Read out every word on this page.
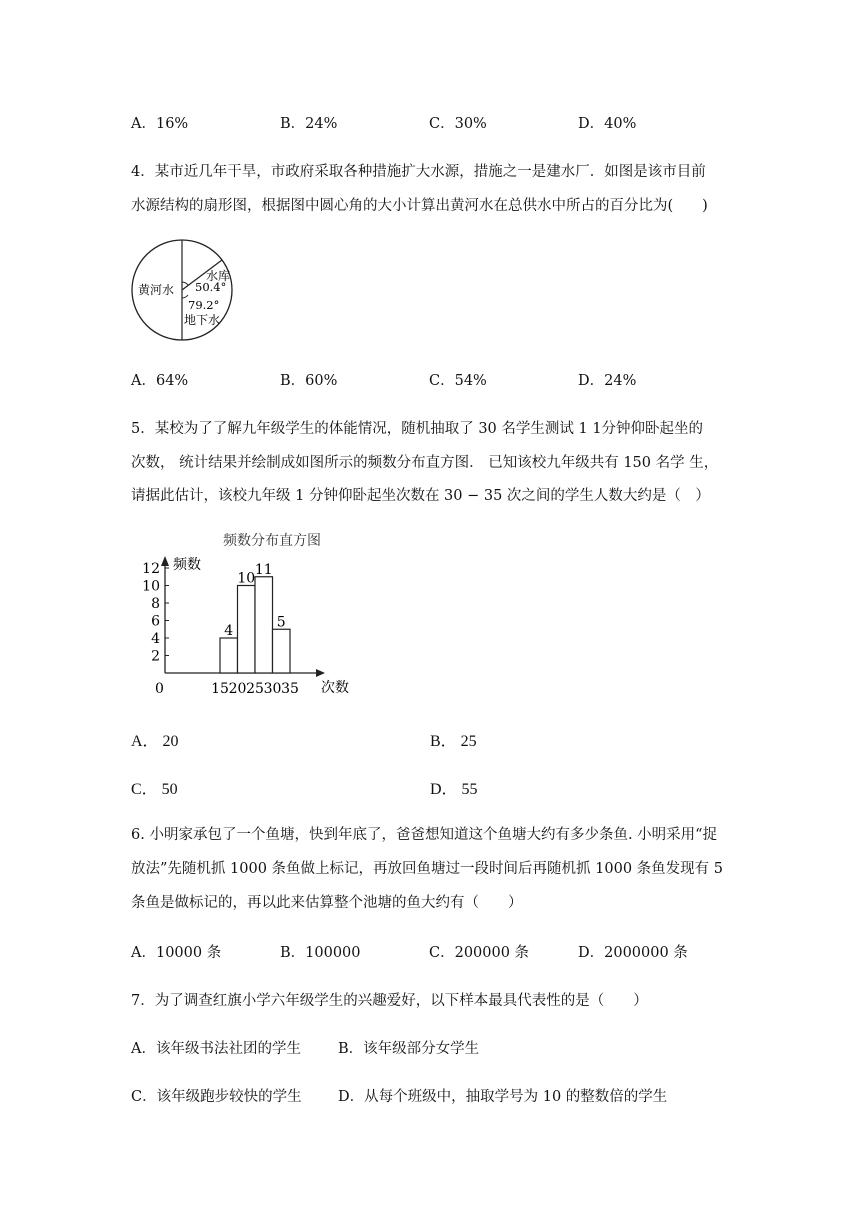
A．16%	B．24%	C．30%	D．40%
4．某市近几年干旱，市政府采取各种措施扩大水源，措施之一是建水厂．如图是该市目前
水源结构的扇形图，根据图中圆心角的大小计算出黄河水在总供水中所占的百分比为(　　)
黄河水
水库
50.4°
79.2°
地下水
A．64%	B．60%	C．54%	D．24%
5．某校为了了解九年级学生的体能情况，随机抽取了 30 名学生测试 1 1分钟仰卧起坐的
次数， 统计结果并绘制成如图所示的频数分布直方图． 已知该校九年级共有 150 名学 生，
请据此估计，该校九年级 1 分钟仰卧起坐次数在 30 − 35 次之间的学生人数大约是（　）
频数分布直方图
频数
次数
0
2
4
6
8
10
12
4
10
11
5
15 20 25 30 35
A． 20	B． 25
C． 50	D． 55
6. 小明家承包了一个鱼塘，快到年底了，爸爸想知道这个鱼塘大约有多少条鱼. 小明采用“捉
放法”先随机抓 1000 条鱼做上标记，再放回鱼塘过一段时间后再随机抓 1000 条鱼发现有 5
条鱼是做标记的，再以此来估算整个池塘的鱼大约有（　　）
A．10000 条	B．100000	C．200000 条	D．2000000 条
7．为了调查红旗小学六年级学生的兴趣爱好，以下样本最具代表性的是（　　）
A．该年级书法社团的学生	B．该年级部分女学生
C．该年级跑步较快的学生	D．从每个班级中，抽取学号为 10 的整数倍的学生
